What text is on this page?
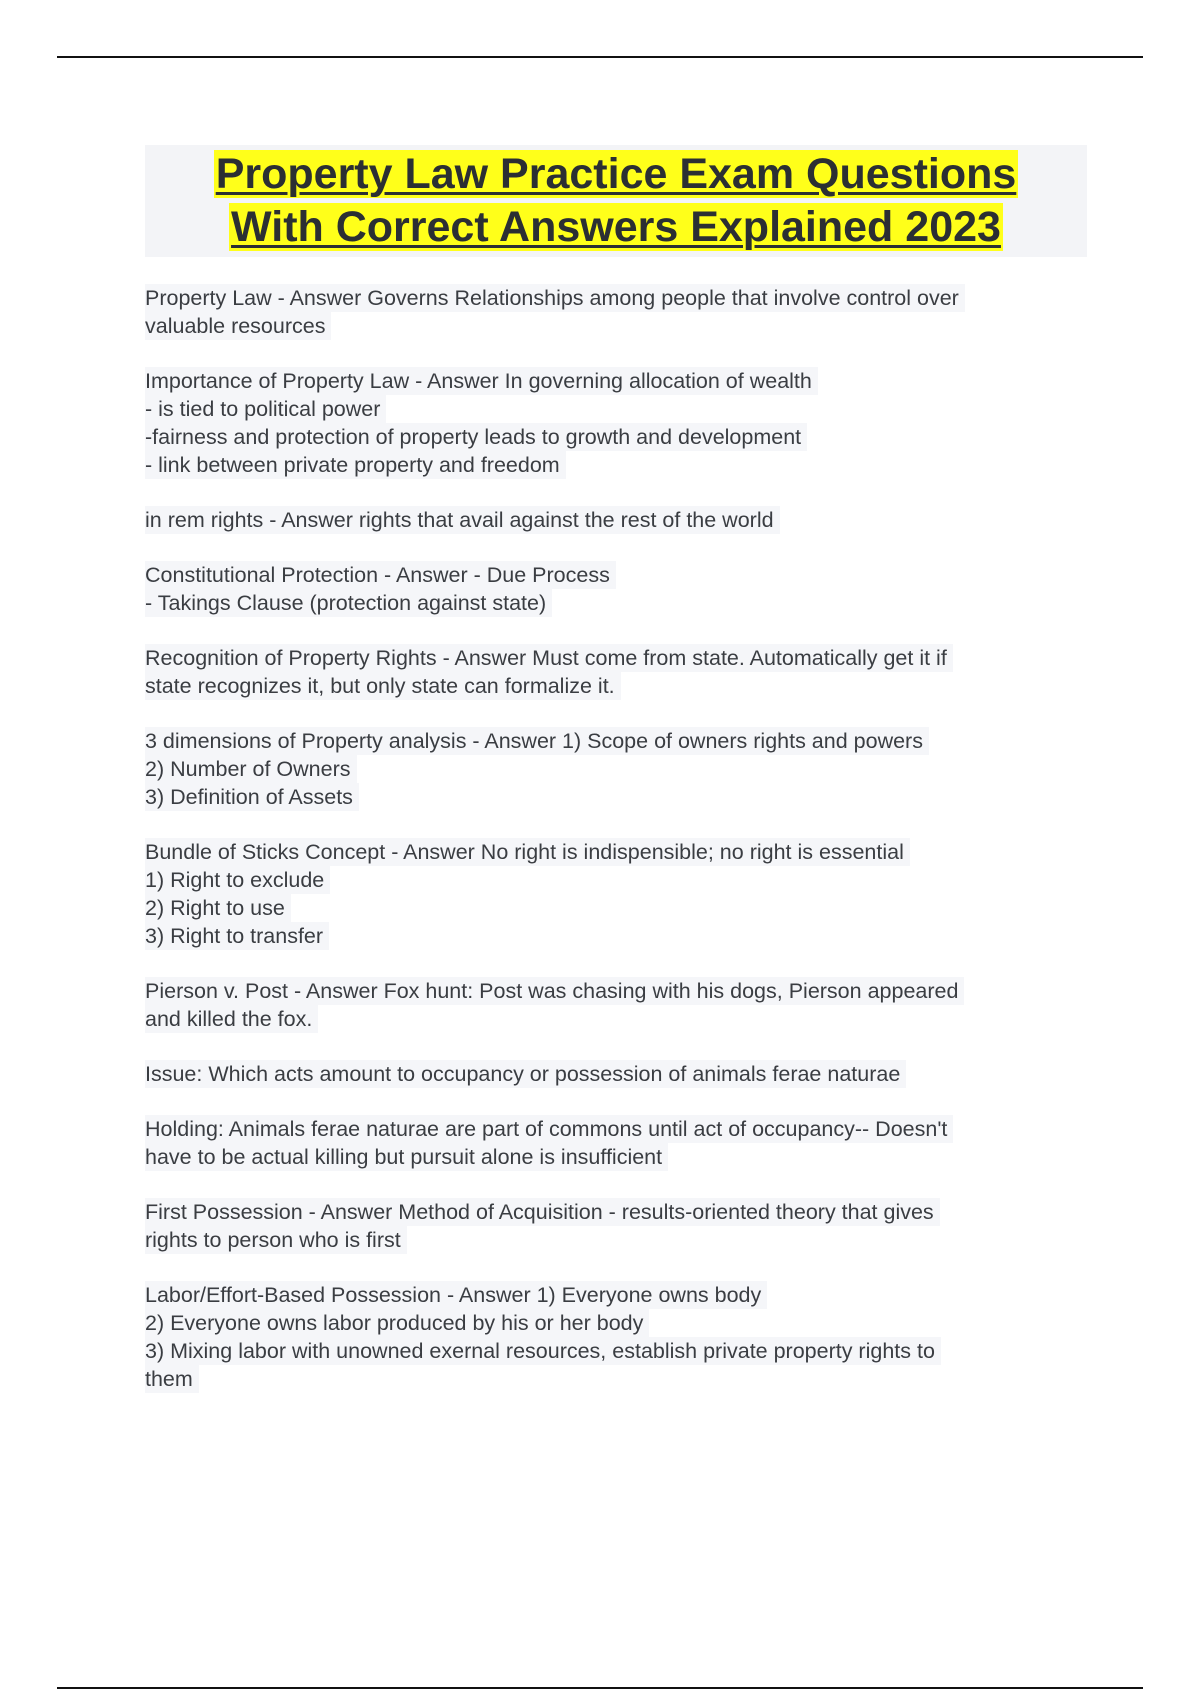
Property Law Practice Exam Questions
With Correct Answers Explained 2023
Property Law - Answer Governs Relationships among people that involve control over
valuable resources
Importance of Property Law - Answer In governing allocation of wealth
- is tied to political power
-fairness and protection of property leads to growth and development
- link between private property and freedom
in rem rights - Answer rights that avail against the rest of the world
Constitutional Protection - Answer - Due Process
- Takings Clause (protection against state)
Recognition of Property Rights - Answer Must come from state. Automatically get it if
state recognizes it, but only state can formalize it.
3 dimensions of Property analysis - Answer 1) Scope of owners rights and powers
2) Number of Owners
3) Definition of Assets
Bundle of Sticks Concept - Answer No right is indispensible; no right is essential
1) Right to exclude
2) Right to use
3) Right to transfer
Pierson v. Post - Answer Fox hunt: Post was chasing with his dogs, Pierson appeared
and killed the fox.
Issue: Which acts amount to occupancy or possession of animals ferae naturae
Holding: Animals ferae naturae are part of commons until act of occupancy-- Doesn't
have to be actual killing but pursuit alone is insufficient
First Possession - Answer Method of Acquisition - results-oriented theory that gives
rights to person who is first
Labor/Effort-Based Possession - Answer 1) Everyone owns body
2) Everyone owns labor produced by his or her body
3) Mixing labor with unowned exernal resources, establish private property rights to
them
